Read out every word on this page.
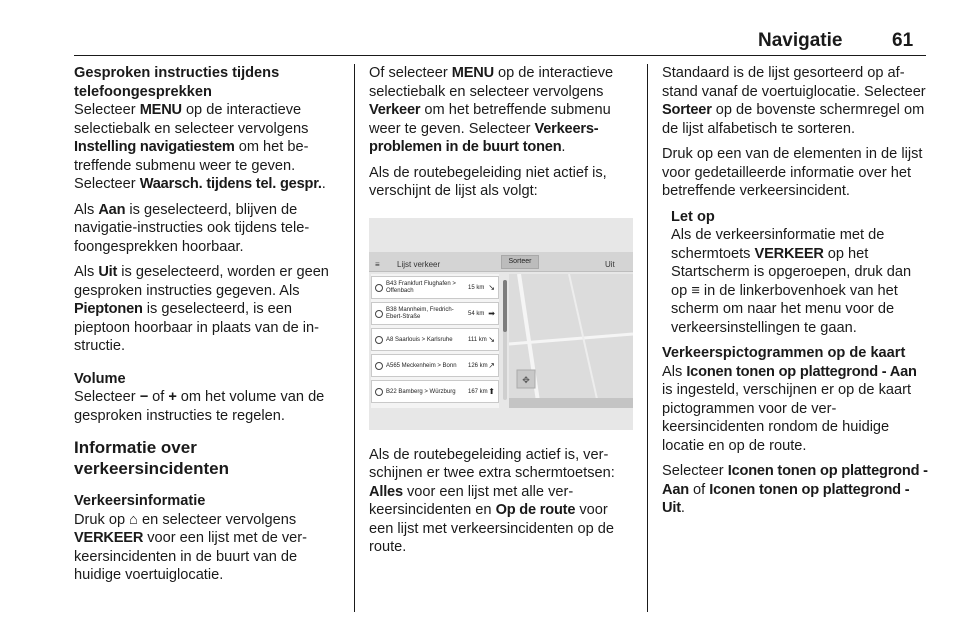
Navigatie	61
Gesproken instructies tijdens telefoongesprekken

Selecteer MENU op de interactieve selectiebalk en selecteer vervolgens Instelling navigatiestem om het betreffende submenu weer te geven. Selecteer Waarsch. tijdens tel. gespr..

Als Aan is geselecteerd, blijven de navigatie-instructies ook tijdens telefoongesprekken hoorbaar.

Als Uit is geselecteerd, worden er geen gesproken instructies gegeven. Als Pieptonen is geselecteerd, is een pieptoon hoorbaar in plaats van de instructie.

Volume

Selecteer − of + om het volume van de gesproken instructies te regelen.

Informatie over verkeersincidenten
Verkeersinformatie

Druk op ⌂ en selecteer vervolgens VERKEER voor een lijst met de verkeersincidenten in de buurt van de huidige voertuiglocatie.

Of selecteer MENU op de interactieve selectiebalk en selecteer vervolgens Verkeer om het betreffende submenu weer te geven. Selecteer Verkeersproblemen in de buurt tonen.

Als de routebegeleiding niet actief is, verschijnt de lijst als volgt:

≡ Lijst verkeer	Sorteer	Uit
B43 Frankfurt Flughafen > Offenbach	15 km ↘
B38 Mannheim, Fredrich-Ebert-Straße	54 km ➡
A8 Saarlouis > Karlsruhe	111 km ↘
A565 Meckenheim > Bonn	126 km ↗
B22 Bamberg > Würzburg	167 km ⬆
✥

Als de routebegeleiding actief is, verschijnen er twee extra schermtoetsen: Alles voor een lijst met alle verkeersincidenten en Op de route voor een lijst met verkeersincidenten op de route.

Standaard is de lijst gesorteerd op afstand vanaf de voertuiglocatie. Selecteer Sorteer op de bovenste schermregel om de lijst alfabetisch te sorteren.

Druk op een van de elementen in de lijst voor gedetailleerde informatie over het betreffende verkeersincident.

Let op

Als de verkeersinformatie met de schermtoets VERKEER op het Startscherm is opgeroepen, druk dan op ≡ in de linkerbovenhoek van het scherm om naar het menu voor de verkeersinstellingen te gaan.

Verkeerspictogrammen op de kaart

Als Iconen tonen op plattegrond - Aan is ingesteld, verschijnen er op de kaart pictogrammen voor de verkeersincidenten rondom de huidige locatie en op de route.

Selecteer Iconen tonen op plattegrond - Aan of Iconen tonen op plattegrond - Uit.
